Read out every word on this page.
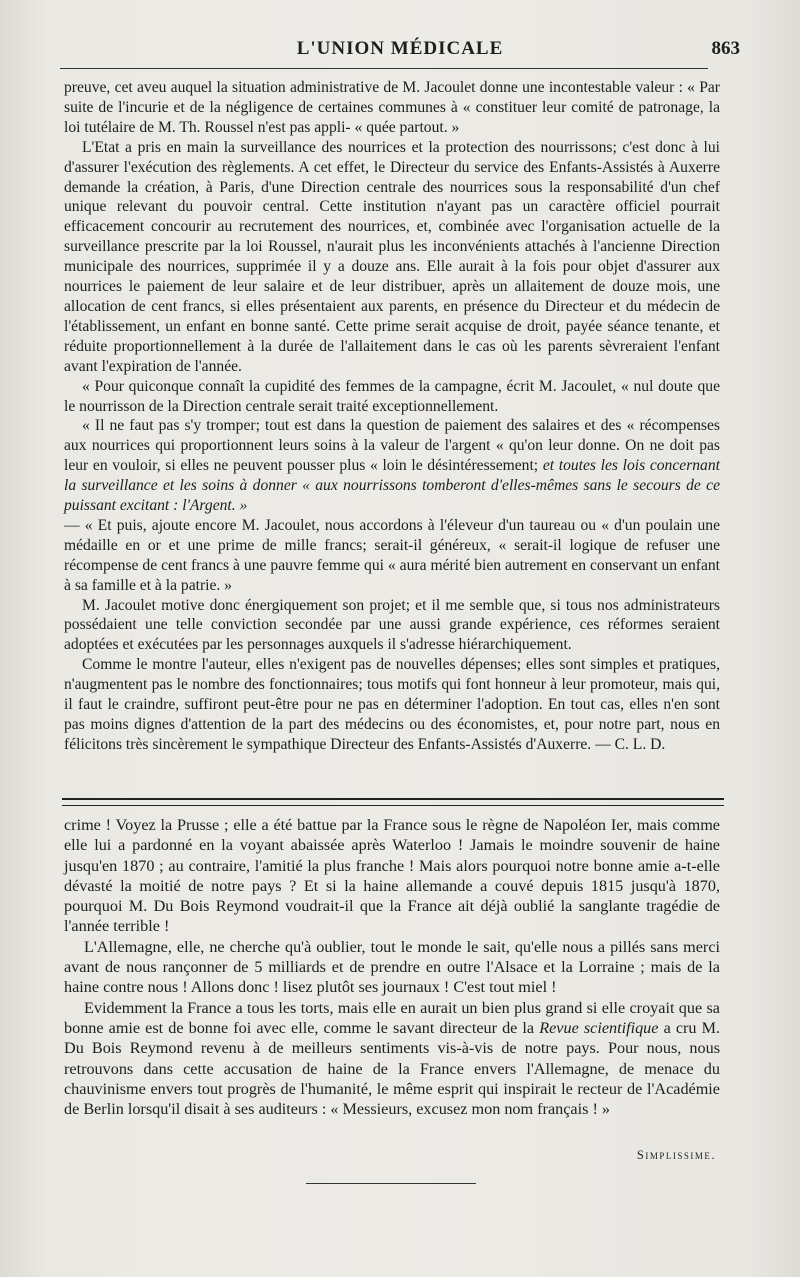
L'UNION MÉDICALE	863

preuve, cet aveu auquel la situation administrative de M. Jacoulet donne une incontestable valeur : « Par suite de l'incurie et de la négligence de certaines communes à « constituer leur comité de patronage, la loi tutélaire de M. Th. Roussel n'est pas appli- « quée partout. »

L'Etat a pris en main la surveillance des nourrices et la protection des nourrissons; c'est donc à lui d'assurer l'exécution des règlements. A cet effet, le Directeur du service des Enfants-Assistés à Auxerre demande la création, à Paris, d'une Direction centrale des nourrices sous la responsabilité d'un chef unique relevant du pouvoir central. Cette institution n'ayant pas un caractère officiel pourrait efficacement concourir au recrutement des nourrices, et, combinée avec l'organisation actuelle de la surveillance prescrite par la loi Roussel, n'aurait plus les inconvénients attachés à l'ancienne Direction municipale des nourrices, supprimée il y a douze ans. Elle aurait à la fois pour objet d'assurer aux nourrices le paiement de leur salaire et de leur distribuer, après un allaitement de douze mois, une allocation de cent francs, si elles présentaient aux parents, en présence du Directeur et du médecin de l'établissement, un enfant en bonne santé. Cette prime serait acquise de droit, payée séance tenante, et réduite proportionnellement à la durée de l'allaitement dans le cas où les parents sèvreraient l'enfant avant l'expiration de l'année.

« Pour quiconque connaît la cupidité des femmes de la campagne, écrit M. Jacoulet, « nul doute que le nourrisson de la Direction centrale serait traité exceptionnellement.

« Il ne faut pas s'y tromper; tout est dans la question de paiement des salaires et des « récompenses aux nourrices qui proportionnent leurs soins à la valeur de l'argent « qu'on leur donne. On ne doit pas leur en vouloir, si elles ne peuvent pousser plus « loin le désintéressement; et toutes les lois concernant la surveillance et les soins à donner « aux nourrissons tomberont d'elles-mêmes sans le secours de ce puissant excitant : l'Argent. »

— « Et puis, ajoute encore M. Jacoulet, nous accordons à l'éleveur d'un taureau ou « d'un poulain une médaille en or et une prime de mille francs; serait-il généreux, « serait-il logique de refuser une récompense de cent francs à une pauvre femme qui « aura mérité bien autrement en conservant un enfant à sa famille et à la patrie. »

M. Jacoulet motive donc énergiquement son projet; et il me semble que, si tous nos administrateurs possédaient une telle conviction secondée par une aussi grande expérience, ces réformes seraient adoptées et exécutées par les personnages auxquels il s'adresse hiérarchiquement.

Comme le montre l'auteur, elles n'exigent pas de nouvelles dépenses; elles sont simples et pratiques, n'augmentent pas le nombre des fonctionnaires; tous motifs qui font honneur à leur promoteur, mais qui, il faut le craindre, suffiront peut-être pour ne pas en déterminer l'adoption. En tout cas, elles n'en sont pas moins dignes d'attention de la part des médecins ou des économistes, et, pour notre part, nous en félicitons très sincèrement le sympathique Directeur des Enfants-Assistés d'Auxerre. — C. L. D.

crime ! Voyez la Prusse ; elle a été battue par la France sous le règne de Napoléon Ier, mais comme elle lui a pardonné en la voyant abaissée après Waterloo ! Jamais le moindre souvenir de haine jusqu'en 1870 ; au contraire, l'amitié la plus franche ! Mais alors pourquoi notre bonne amie a-t-elle dévasté la moitié de notre pays ? Et si la haine allemande a couvé depuis 1815 jusqu'à 1870, pourquoi M. Du Bois Reymond voudrait-il que la France ait déjà oublié la sanglante tragédie de l'année terrible !

L'Allemagne, elle, ne cherche qu'à oublier, tout le monde le sait, qu'elle nous a pillés sans merci avant de nous rançonner de 5 milliards et de prendre en outre l'Alsace et la Lorraine ; mais de la haine contre nous ! Allons donc ! lisez plutôt ses journaux ! C'est tout miel !

Evidemment la France a tous les torts, mais elle en aurait un bien plus grand si elle croyait que sa bonne amie est de bonne foi avec elle, comme le savant directeur de la Revue scientifique a cru M. Du Bois Reymond revenu à de meilleurs sentiments vis-à-vis de notre pays. Pour nous, nous retrouvons dans cette accusation de haine de la France envers l'Allemagne, de menace du chauvinisme envers tout progrès de l'humanité, le même esprit qui inspirait le recteur de l'Académie de Berlin lorsqu'il disait à ses auditeurs : « Messieurs, excusez mon nom français ! »

Simplissime.
